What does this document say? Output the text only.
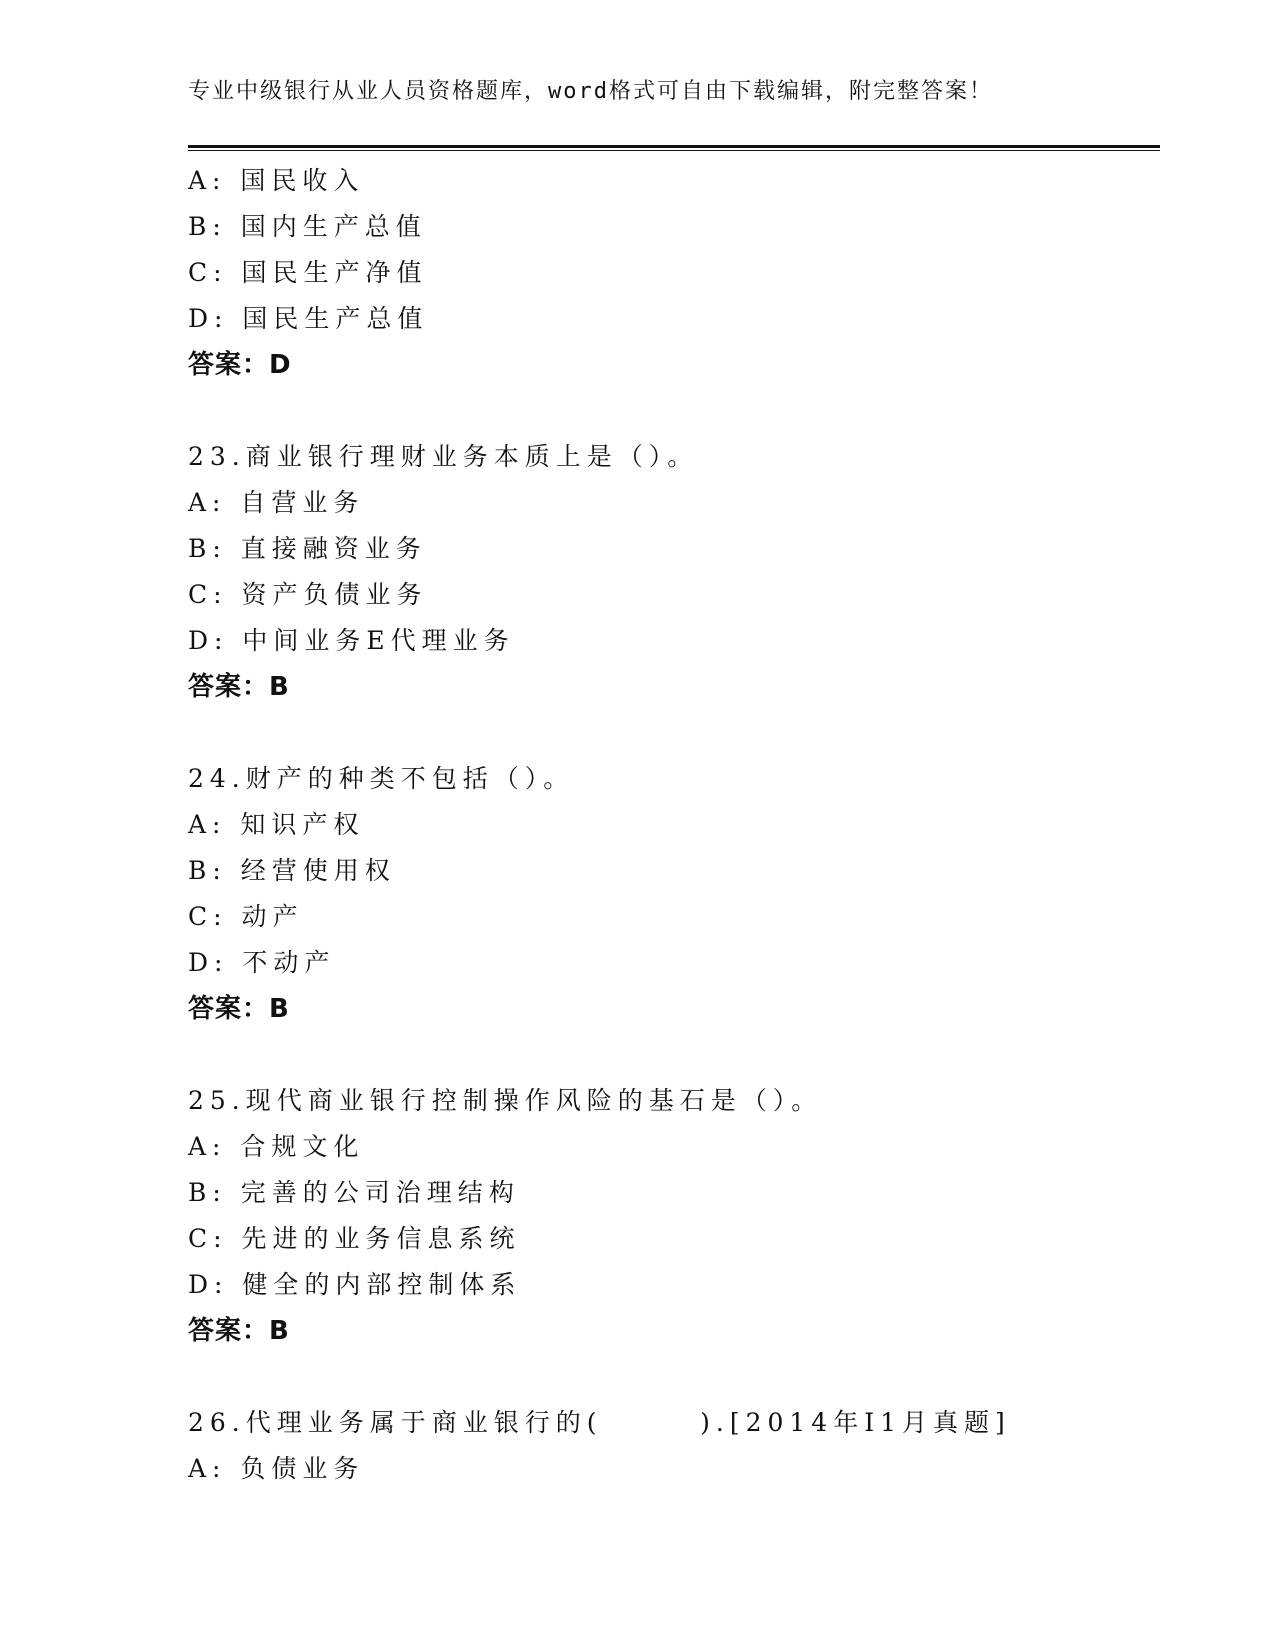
专业中级银行从业人员资格题库，word格式可自由下载编辑，附完整答案！
A: 国民收入
B: 国内生产总值
C: 国民生产净值
D: 国民生产总值
答案：D
23.商业银行理财业务本质上是（）。
A: 自营业务
B: 直接融资业务
C: 资产负债业务
D: 中间业务E代理业务
答案：B
24.财产的种类不包括（）。
A: 知识产权
B: 经营使用权
C: 动产
D: 不动产
答案：B
25.现代商业银行控制操作风险的基石是（）。
A: 合规文化
B: 完善的公司治理结构
C: 先进的业务信息系统
D: 健全的内部控制体系
答案：B
26.代理业务属于商业银行的(       ).[2014年I1月真题]
A: 负债业务
